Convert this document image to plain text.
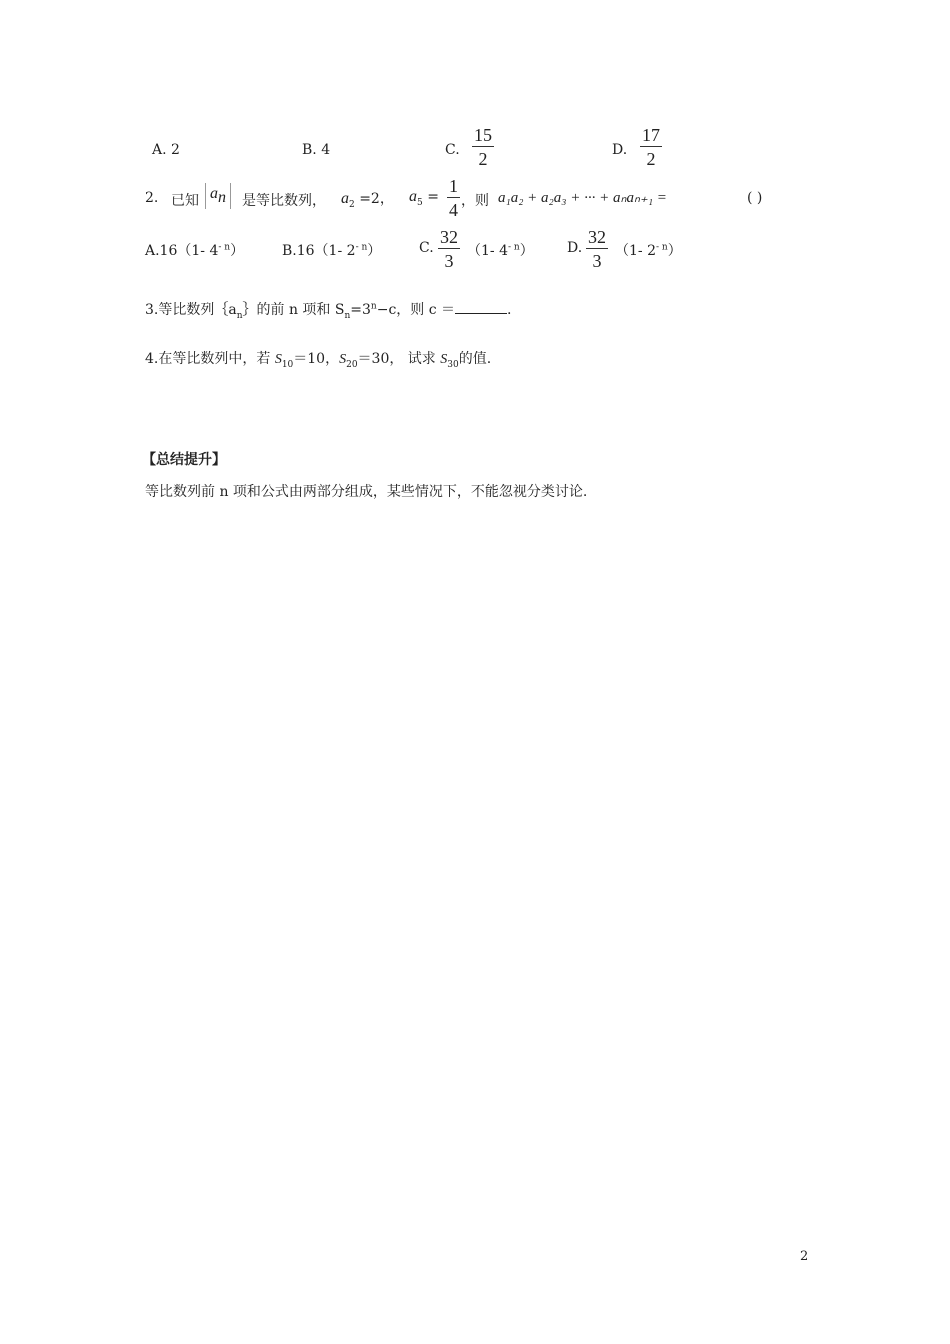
A. 2	B. 4	C. $\frac{15}{2}$	D. $\frac{17}{2}$
2. 已知 $a_n$	是等比数列， $a_2 =2$， $a_5 = \frac{1}{4}$ ，则 a₁a₂ + a₂a₃ + ··· + aₙaₙ₊₁ =	( )
A.16（1- $4^{- n}$）	B.16（1- $2^{- n}$）	C. $\frac{32}{3} (1-$ $4^{- n}$） D. $\frac{32}{3} (1-$ $2^{- n}$）
3.等比数列$\{a_n\}$的前 n 项和 $S_n=3^n-c$，则 c ＝	.
4.在等比数列中，若 $S_{10}=10$，$S_{20}=30$， 试求 $S_{30}$的值.
【总结提升】
等比数列前 n 项和公式由两部分组成，某些情况下，不能忽视分类讨论.
2
